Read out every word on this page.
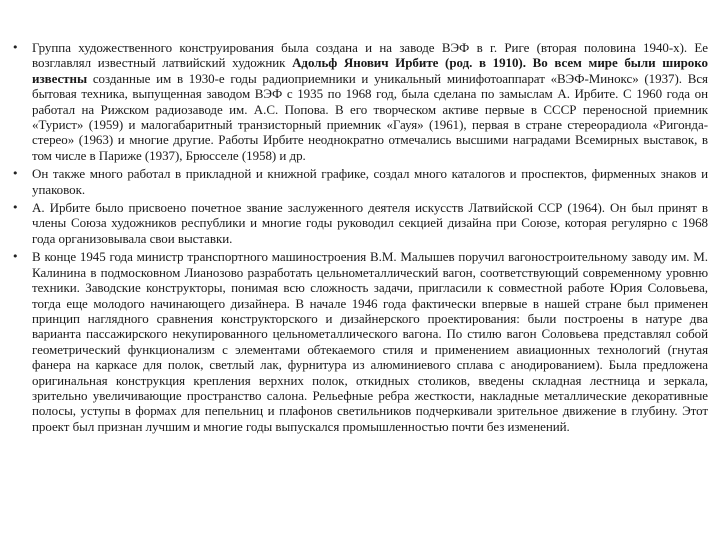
•	Группа художественного конструирования была создана и на заводе ВЭФ в г. Риге (вторая половина 1940-х). Ее возглавлял известный латвийский художник Адольф Янович Ирбите (род. в 1910). Во всем мире были широко известны созданные им в 1930-е годы радиоприемники и уникальный минифотоаппарат «ВЭФ-Минокс» (1937). Вся бытовая техника, выпущенная заводом ВЭФ с 1935 по 1968 год, была сделана по замыслам А. Ирбите. С 1960 года он работал на Рижском радиозаводе им. А.С. Попова. В его творческом активе первые в СССР переносной приемник «Турист» (1959) и малогабаритный транзисторный приемник «Гауя» (1961), первая в стране стереорадиола «Ригонда-стерео» (1963) и многие другие. Работы Ирбите неоднократно отмечались высшими наградами Всемирных выставок, в том числе в Париже (1937), Брюсселе (1958) и др.
•	Он также много работал в прикладной и книжной графике, создал много каталогов и проспектов, фирменных знаков и упаковок.
•	А. Ирбите было присвоено почетное звание заслуженного деятеля искусств Латвийской ССР (1964). Он был принят в члены Союза художников республики и многие годы руководил секцией дизайна при Союзе, которая регулярно с 1968 года организовывала свои выставки.
•	В конце 1945 года министр транспортного машиностроения В.М. Малышев поручил вагоностроительному заводу им. М. Калинина в подмосковном Лианозово разработать цельнометаллический вагон, соответствующий современному уровню техники. Заводские конструкторы, понимая всю сложность задачи, пригласили к совместной работе Юрия Соловьева, тогда еще молодого начинающего дизайнера. В начале 1946 года фактически впервые в нашей стране был применен принцип наглядного сравнения конструкторского и дизайнерского проектирования: были построены в натуре два варианта пассажирского некупированного цельнометаллического вагона. По стилю вагон Соловьева представлял собой геометрический функционализм с элементами обтекаемого стиля и применением авиационных технологий (гнутая фанера на каркасе для полок, светлый лак, фурнитура из алюминиевого сплава с анодированием). Была предложена оригинальная конструкция крепления верхних полок, откидных столиков, введены складная лестница и зеркала, зрительно увеличивающие пространство салона. Рельефные ребра жесткости, накладные металлические декоративные полосы, уступы в формах для пепельниц и плафонов светильников подчеркивали зрительное движение в глубину. Этот проект был признан лучшим и многие годы выпускался промышленностью почти без изменений.
